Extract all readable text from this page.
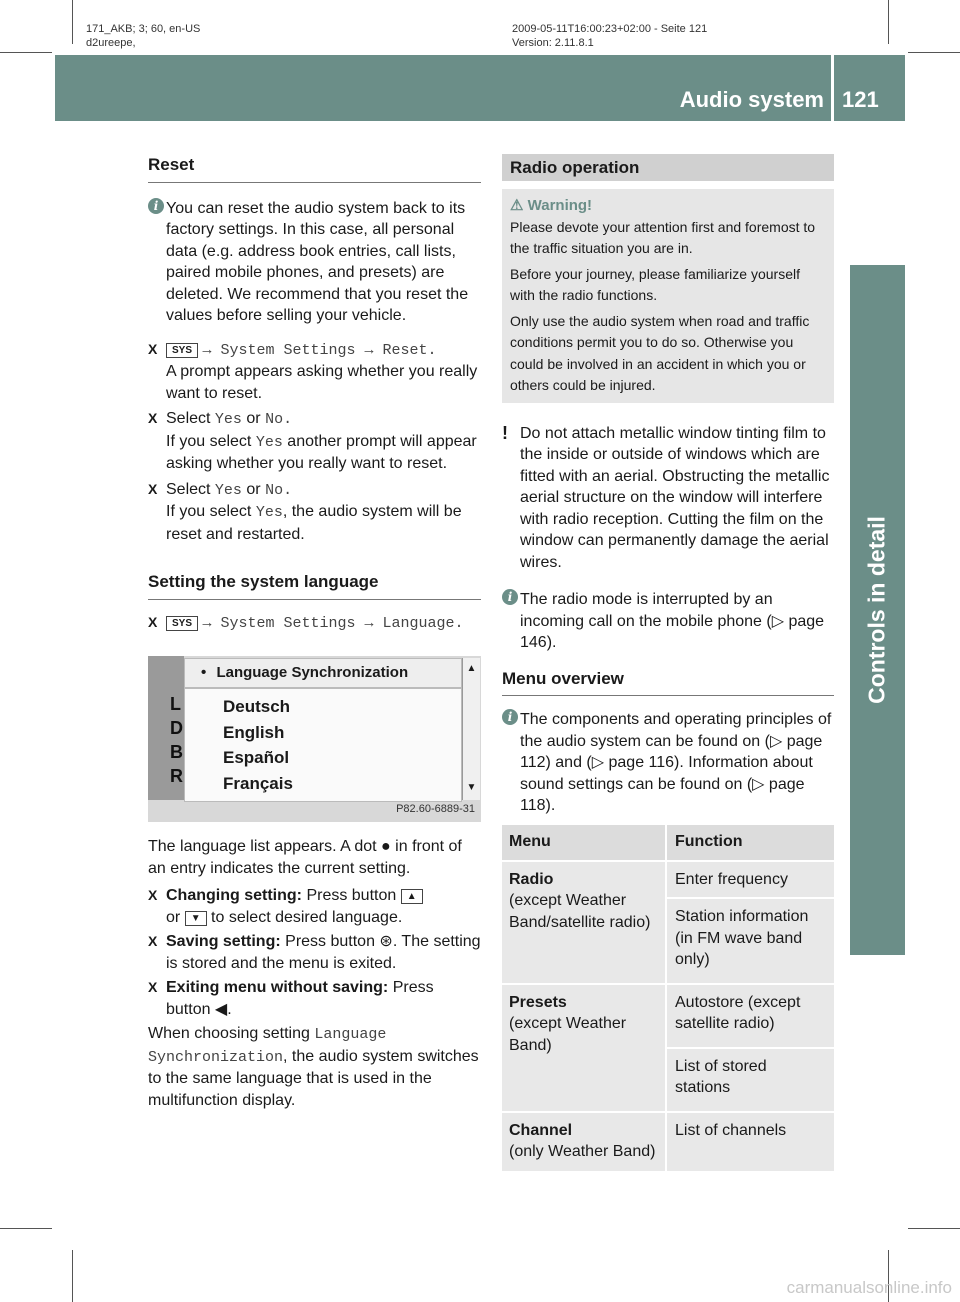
171_AKB; 3; 60, en-US
d2ureepe,
2009-05-11T16:00:23+02:00 - Seite 121
Version: 2.11.8.1
Audio system 121
Controls in detail
Reset
i You can reset the audio system back to its factory settings. In this case, all personal data (e.g. address book entries, call lists, paired mobile phones, and presets) are deleted. We recommend that you reset the values before selling your vehicle.
X	SYS → System Settings → Reset.
A prompt appears asking whether you really want to reset.
X Select Yes or No.
If you select Yes another prompt will appear asking whether you really want to reset.
X Select Yes or No.
If you select Yes, the audio system will be reset and restarted.
Setting the system language
X	SYS → System Settings → Language.
L
D
B
R
• Language Synchronization
Deutsch
English
Español
Français
▲
▼
P82.60-6889-31

The language list appears. A dot ● in front of an entry indicates the current setting.

X Changing setting: Press button ▲
or ▼ to select desired language.
X Saving setting: Press button ⊛. The setting is stored and the menu is exited.
X Exiting menu without saving: Press button ◀.

When choosing setting Language Synchronization, the audio system switches to the same language that is used in the multifunction display.

Radio operation
⚠ Warning!

Please devote your attention first and foremost to the traffic situation you are in.

Before your journey, please familiarize yourself with the radio functions.

Only use the audio system when road and traffic conditions permit you to do so. Otherwise you could be involved in an accident in which you or others could be injured.

! Do not attach metallic window tinting film to the inside or outside of windows which are fitted with an aerial. Obstructing the metallic aerial structure on the window will interfere with radio reception. Cutting the film on the window can permanently damage the aerial wires.
i The radio mode is interrupted by an incoming call on the mobile phone (▷ page 146).
Menu overview
i The components and operating principles of the audio system can be found on (▷ page 112) and (▷ page 116). Information about sound settings can be found on (▷ page 118).
Menu	Function
Radio
(except Weather Band/satellite radio)	Enter frequency
	Station information (in FM wave band only)
Presets
(except Weather Band)	Autostore (except satellite radio)
	List of stored stations
Channel
(only Weather Band)	List of channels
carmanualsonline.info
